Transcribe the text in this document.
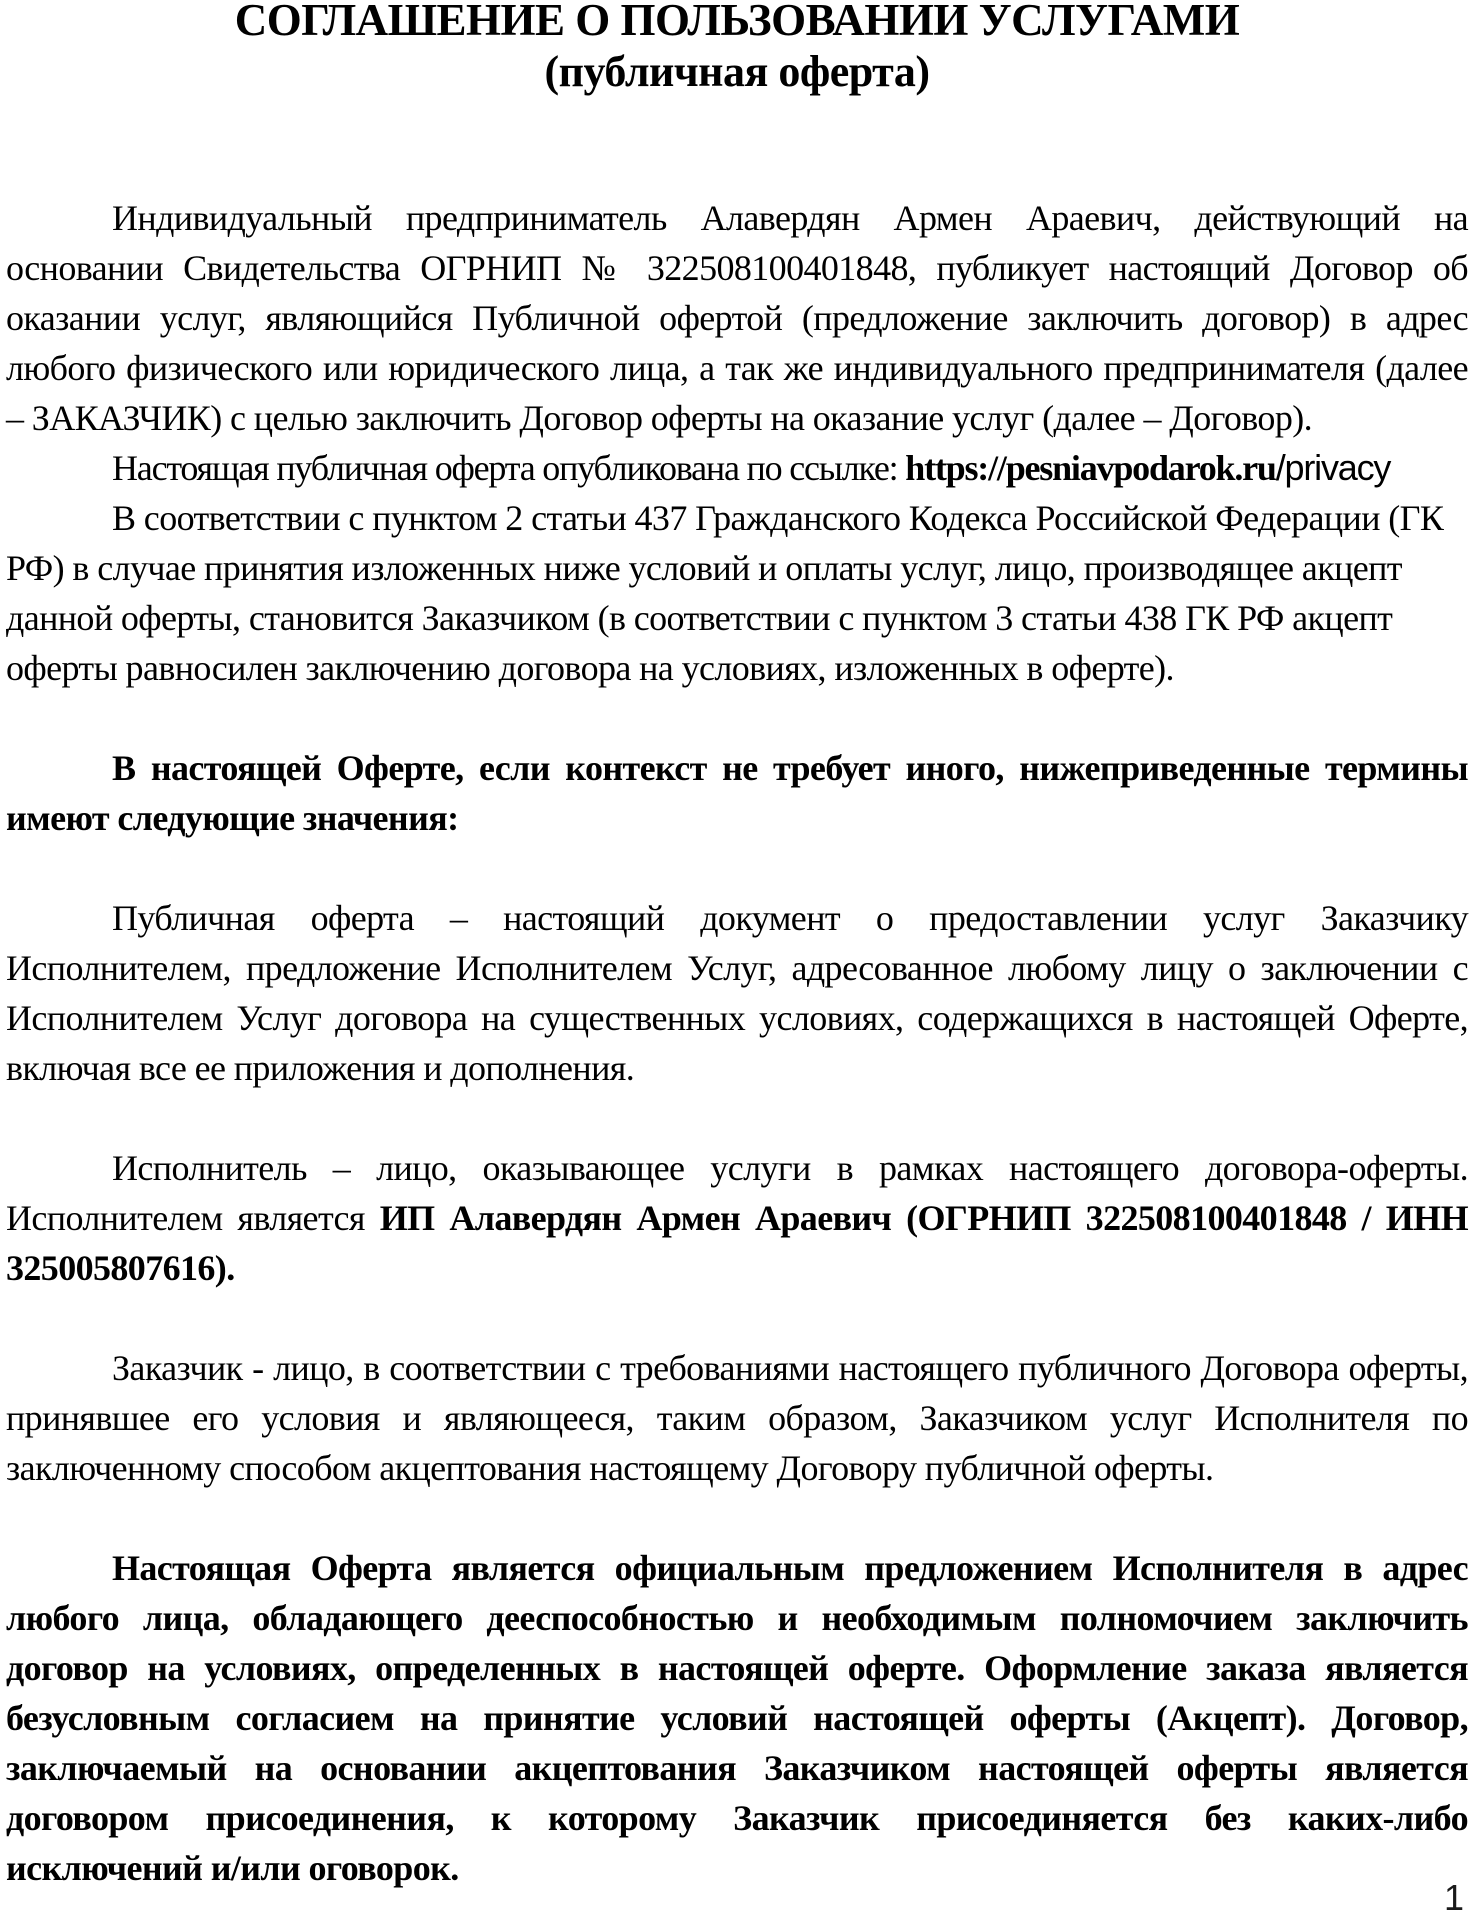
СОГЛАШЕНИЕ О ПОЛЬЗОВАНИИ УСЛУГАМИ
(публичная оферта)

Индивидуальный предприниматель Алавердян Армен Араевич, действующий на основании Свидетельства ОГРНИП № 322508100401848, публикует настоящий Договор об оказании услуг, являющийся Публичной офертой (предложение заключить договор) в адрес любого физического или юридического лица, а так же индивидуального предпринимателя (далее – ЗАКАЗЧИК) с целью заключить Договор оферты на оказание услуг (далее – Договор).

Настоящая публичная оферта опубликована по ссылке: https://pesniavpodarok.ru/privacy

В соответствии с пунктом 2 статьи 437 Гражданского Кодекса Российской Федерации (ГК РФ) в случае принятия изложенных ниже условий и оплаты услуг, лицо, производящее акцепт данной оферты, становится Заказчиком (в соответствии с пунктом 3 статьи 438 ГК РФ акцепт оферты равносилен заключению договора на условиях, изложенных в оферте).

В настоящей Оферте, если контекст не требует иного, нижеприведенные термины имеют следующие значения:

Публичная оферта – настоящий документ о предоставлении услуг Заказчику Исполнителем, предложение Исполнителем Услуг, адресованное любому лицу о заключении с Исполнителем Услуг договора на существенных условиях, содержащихся в настоящей Оферте, включая все ее приложения и дополнения.

Исполнитель – лицо, оказывающее услуги в рамках настоящего договора-оферты. Исполнителем является ИП Алавердян Армен Араевич (ОГРНИП 322508100401848 / ИНН 325005807616).

Заказчик - лицо, в соответствии с требованиями настоящего публичного Договора оферты, принявшее его условия и являющееся, таким образом, Заказчиком услуг Исполнителя по заключенному способом акцептования настоящему Договору публичной оферты.

Настоящая Оферта является официальным предложением Исполнителя в адрес любого лица, обладающего дееспособностью и необходимым полномочием заключить договор на условиях, определенных в настоящей оферте. Оформление заказа является безусловным согласием на принятие условий настоящей оферты (Акцепт). Договор, заключаемый на основании акцептования Заказчиком настоящей оферты является договором присоединения, к которому Заказчик присоединяется без каких-либо исключений и/или оговорок.

1
